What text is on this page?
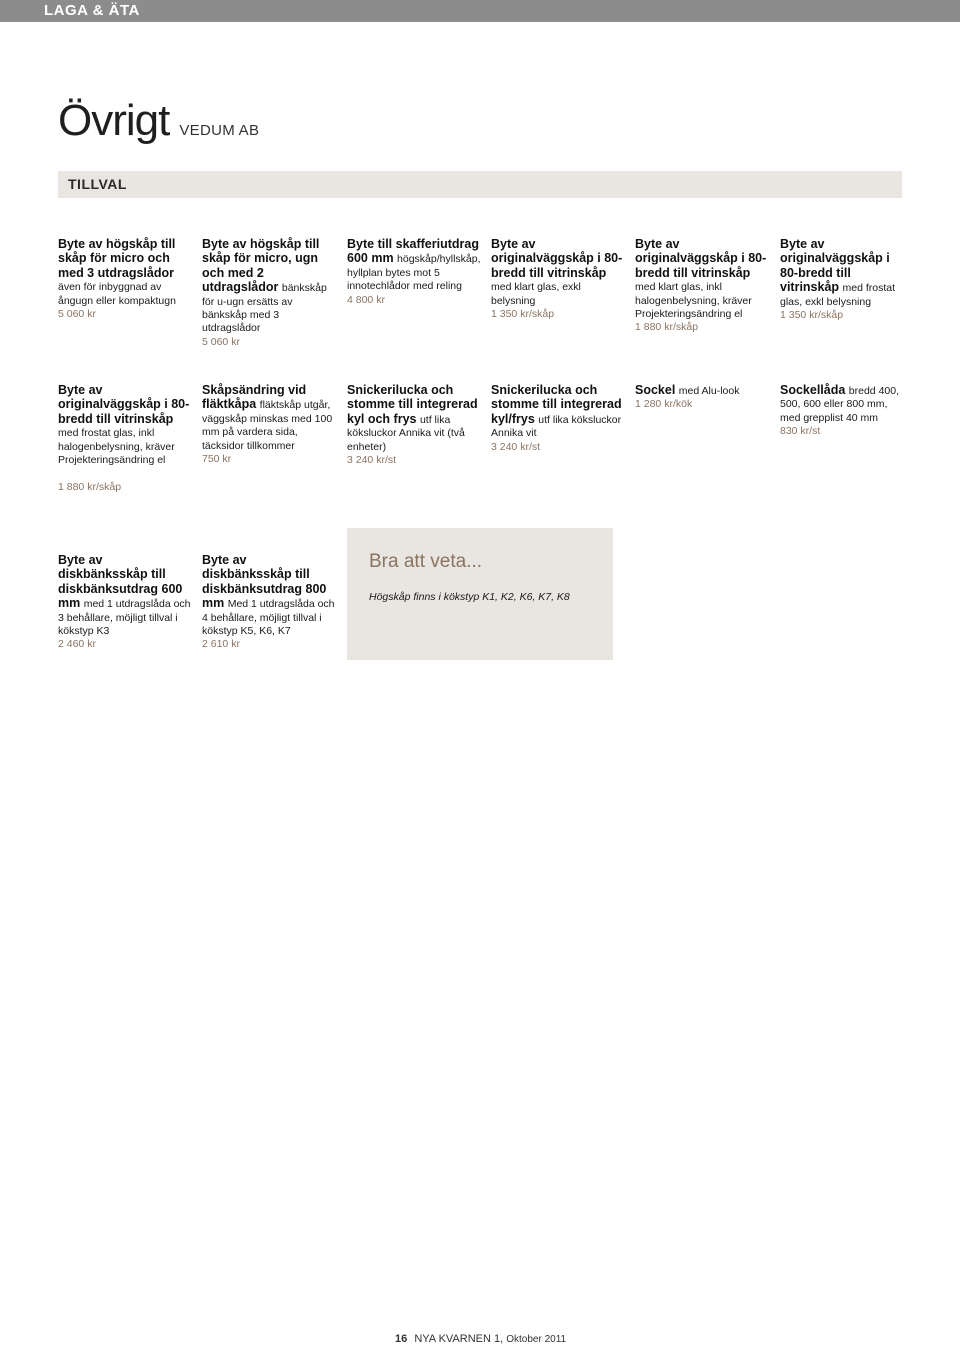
LAGA & ÄTA
Övrigt VEDUM AB
TILLVAL
Byte av högskåp till skåp för micro och med 3 utdragslådor även för inbyggnad av ångugn eller kompaktugn
5 060 kr
Byte av högskåp till skåp för micro, ugn och med 2 utdragslådor bänkskåp för u-ugn ersätts av bänkskåp med 3 utdragslådor
5 060 kr
Byte till skafferiutdrag 600 mm högskåp/hyllskåp, hyllplan bytes mot 5 innotechlådor med reling
4 800 kr
Byte av originalväggskåp i 80-bredd till vitrinskåp med klart glas, exkl belysning
1 350 kr/skåp
Byte av originalväggskåp i 80-bredd till vitrinskåp med klart glas, inkl halogenbelysning, kräver Projekteringsändring el
1 880 kr/skåp
Byte av originalväggskåp i 80-bredd till vitrinskåp med frostat glas, exkl belysning
1 350 kr/skåp
Byte av originalväggskåp i 80-bredd till vitrinskåp med frostat glas, inkl halogenbelysning, kräver Projekteringsändring el
1 880 kr/skåp
Skåpsändring vid fläktkåpa fläktskåp utgår, väggskåp minskas med 100 mm på vardera sida, täcksidor tillkommer
750 kr
Snickerilucka och stomme till integrerad kyl och frys utf lika köksluckor Annika vit (två enheter)
3 240 kr/st
Snickerilucka och stomme till integrerad kyl/frys utf lika köksluckor Annika vit
3 240 kr/st
Sockel med Alu-look
1 280 kr/kök
Sockellåda bredd 400, 500, 600 eller 800 mm, med grepplist 40 mm
830 kr/st
Byte av diskbänksskåp till diskbänksutdrag 600 mm med 1 utdragslåda och 3 behållare, möjligt tillval i kökstyp K3
2 460 kr
Byte av diskbänksskåp till diskbänksutdrag 800 mm Med 1 utdragslåda och 4 behållare, möjligt tillval i kökstyp K5, K6, K7
2 610 kr
Bra att veta...
Högskåp finns i kökstyp K1, K2, K6, K7, K8
16 NYA KVARNEN 1, Oktober 2011
